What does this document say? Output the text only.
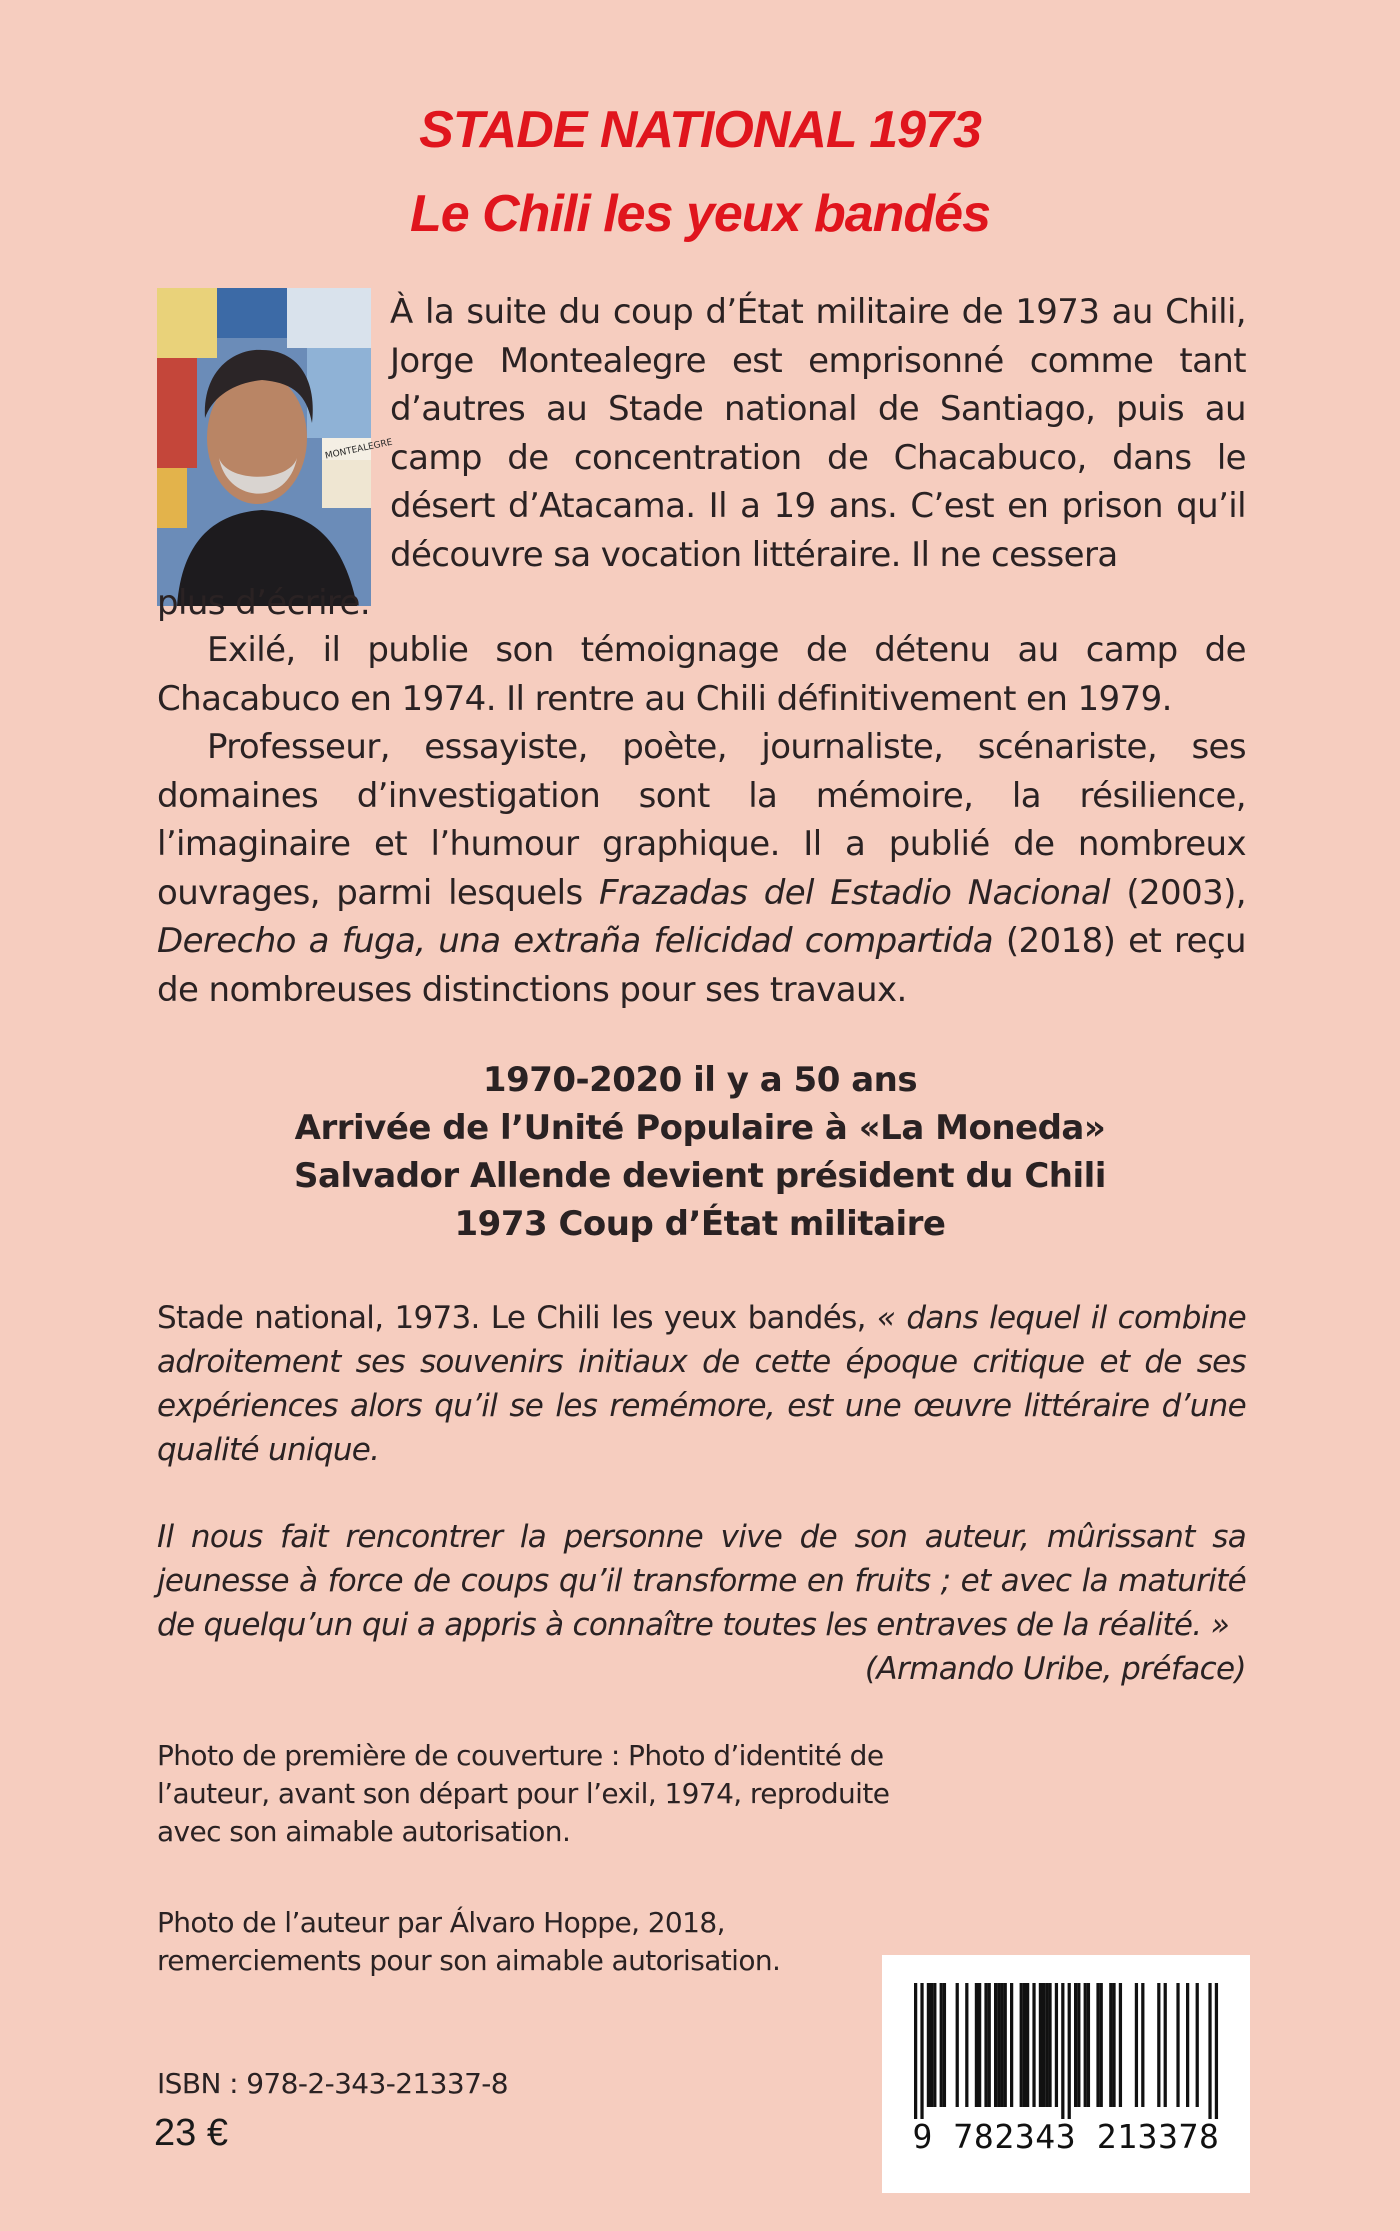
STADE NATIONAL 1973
Le Chili les yeux bandés
MONTEALEGRE

À la suite du coup d’État militaire de 1973 au Chili, Jorge Montealegre est emprisonné comme tant d’autres au Stade national de Santiago, puis au camp de concentration de Chacabuco, dans le désert d’Atacama. Il a 19 ans. C’est en prison qu’il découvre sa vocation littéraire. Il ne cessera

plus d’écrire.

Exilé, il publie son témoignage de détenu au camp de Chacabuco en 1974. Il rentre au Chili définitivement en 1979.

Professeur, essayiste, poète, journaliste, scénariste, ses domaines d’investigation sont la mémoire, la résilience, l’imaginaire et l’humour graphique. Il a publié de nombreux ouvrages, parmi lesquels Frazadas del Estadio Nacional (2003), Derecho a fuga, una extraña felicidad compartida (2018) et reçu de nombreuses distinctions pour ses travaux.

1970-2020 il y a 50 ans
Arrivée de l’Unité Populaire à «La Moneda»
Salvador Allende devient président du Chili
1973 Coup d’État militaire

Stade national, 1973. Le Chili les yeux bandés, « dans lequel il combine adroitement ses souvenirs initiaux de cette époque critique et de ses expériences alors qu’il se les remémore, est une œuvre littéraire d’une qualité unique.

Il nous fait rencontrer la personne vive de son auteur, mûrissant sa jeunesse à force de coups qu’il transforme en fruits ; et avec la maturité de quelqu’un qui a appris à connaître toutes les entraves de la réalité. »

(Armando Uribe, préface)
Photo de première de couverture : Photo d’identité de l’auteur, avant son départ pour l’exil, 1974, reproduite avec son aimable autorisation.
Photo de l’auteur par Álvaro Hoppe, 2018, remerciements pour son aimable autorisation.
ISBN : 978-2-343-21337-8
23 €	9 782343 213378
